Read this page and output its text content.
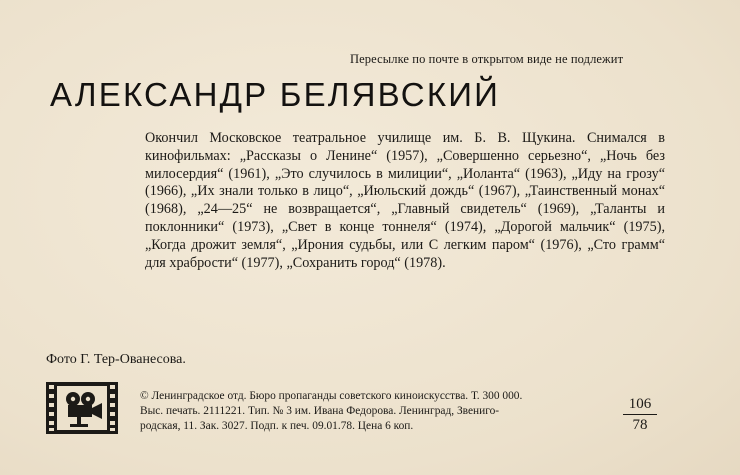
Пересылке по почте в открытом виде не подлежит
АЛЕКСАНДР БЕЛЯВСКИЙ

Окончил Московское театральное училище им. Б. В. Щукина. Снимался в кинофильмах: „Рассказы о Ленине“ (1957), „Совершенно серьезно“, „Ночь без милосердия“ (1961), „Это случилось в милиции“, „Иоланта“ (1963), „Иду на грозу“ (1966), „Их знали только в лицо“, „Июльский дождь“ (1967), „Таинственный монах“ (1968), „24—25“ не возвращается“, „Главный свидетель“ (1969), „Таланты и поклонники“ (1973), „Свет в конце тоннеля“ (1974), „Дорогой мальчик“ (1975), „Когда дрожит земля“, „Ирония судьбы, или С легким паром“ (1976), „Сто грамм“ для храбрости“ (1977), „Сохранить город“ (1978).

Фото Г. Тер-Ованесова.
© Ленинградское отд. Бюро пропаганды советского киноискусства. Т. 300 000.
Выс. печать. 2111221. Тип. № 3 им. Ивана Федорова. Ленинград, Звениго-
родская, 11. Зак. 3027. Подп. к печ. 09.01.78. Цена 6 коп.
106
78
